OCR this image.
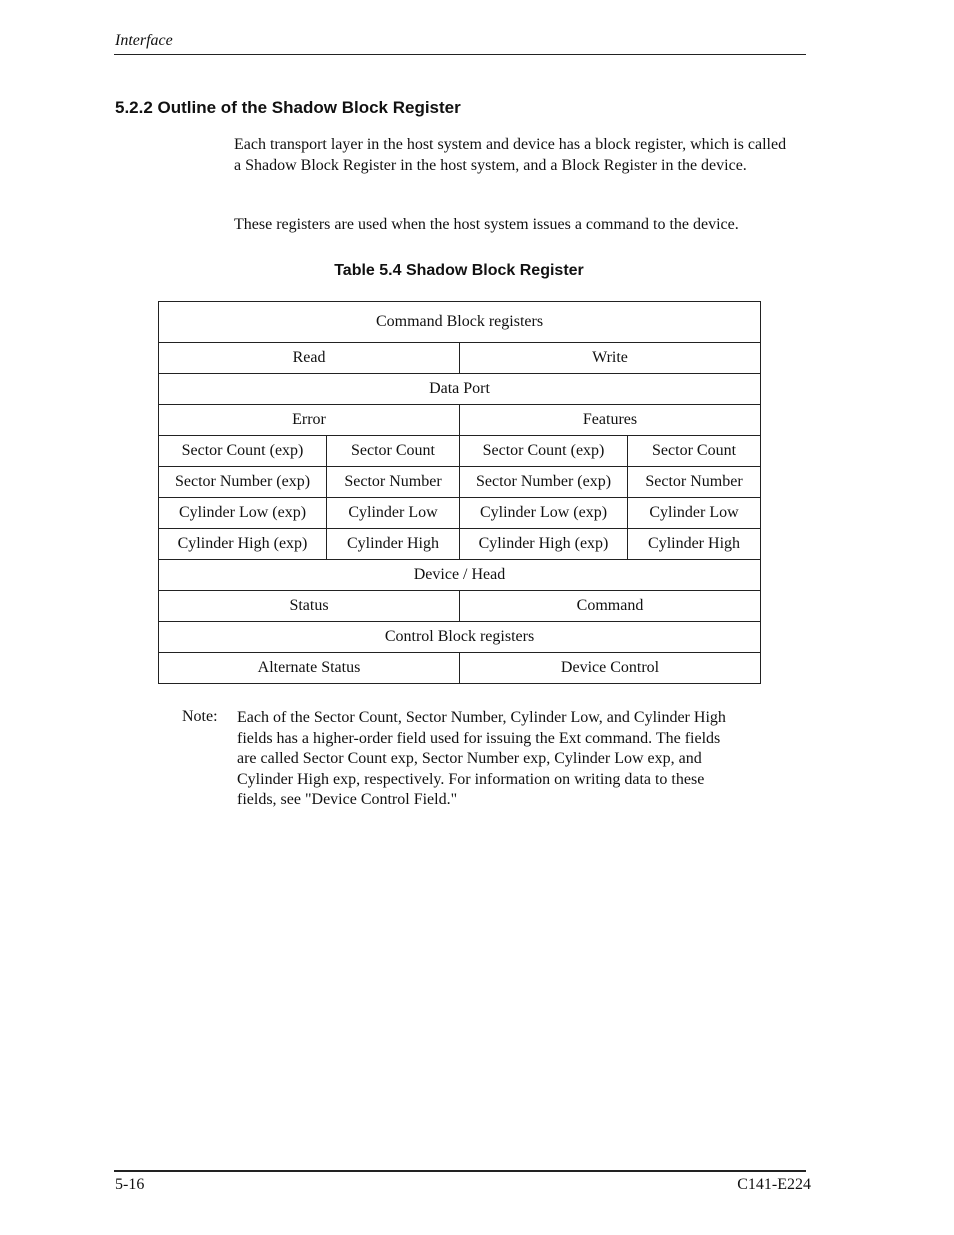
Interface
5.2.2 Outline of the Shadow Block Register
Each transport layer in the host system and device has a block register, which is called a Shadow Block Register in the host system, and a Block Register in the device.
These registers are used when the host system issues a command to the device.
Table 5.4 Shadow Block Register
Command Block registers			
Read		Write	
Data Port			
Error		Features	
Sector Count (exp)	Sector Count	Sector Count (exp)	Sector Count
Sector Number (exp)	Sector Number	Sector Number (exp)	Sector Number
Cylinder Low (exp)	Cylinder Low	Cylinder Low (exp)	Cylinder Low
Cylinder High (exp)	Cylinder High	Cylinder High (exp)	Cylinder High
Device / Head			
Status		Command	
Control Block registers			
Alternate Status		Device Control	
Note: Each of the Sector Count, Sector Number, Cylinder Low, and Cylinder High fields has a higher-order field used for issuing the Ext command. The fields are called Sector Count exp, Sector Number exp, Cylinder Low exp, and Cylinder High exp, respectively. For information on writing data to these fields, see "Device Control Field."
5-16	C141-E224
